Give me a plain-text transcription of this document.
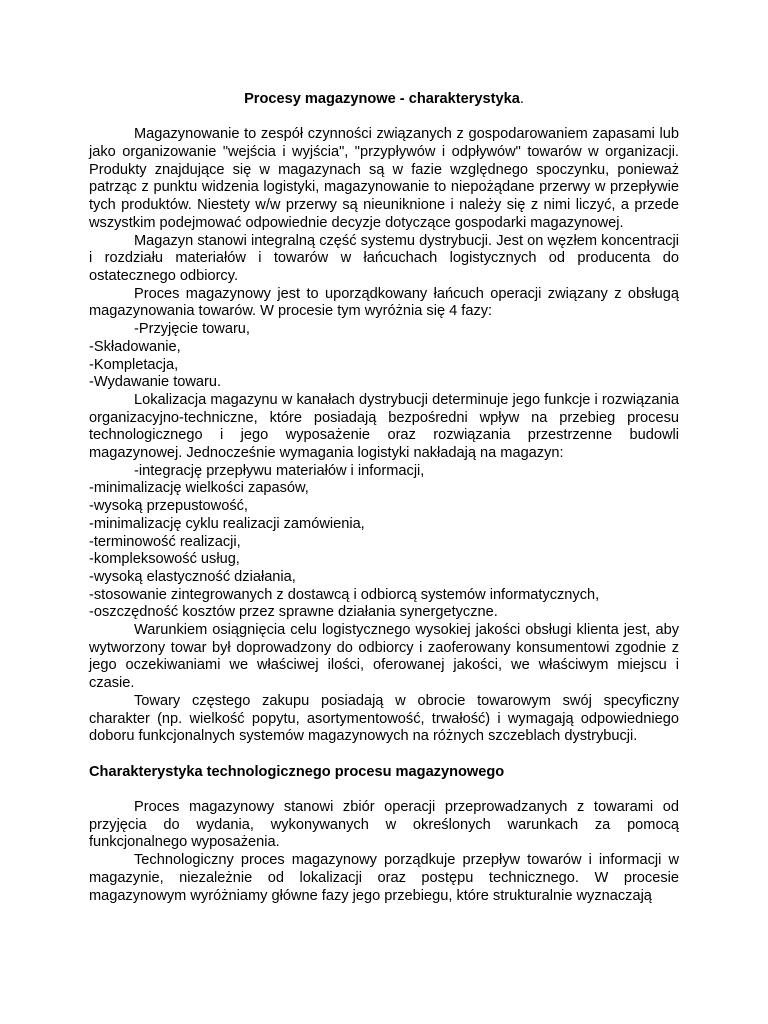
Procesy magazynowe - charakterystyka.

Magazynowanie to zespół czynności związanych z gospodarowaniem zapasami lub jako organizowanie "wejścia i wyjścia", "przypływów i odpływów" towarów w organizacji. Produkty znajdujące się w magazynach są w fazie względnego spoczynku, ponieważ patrząc z punktu widzenia logistyki, magazynowanie to niepożądane przerwy w przepływie tych produktów. Niestety w/w przerwy są nieuniknione i należy się z nimi liczyć, a przede wszystkim podejmować odpowiednie decyzje dotyczące gospodarki magazynowej.

Magazyn stanowi integralną część systemu dystrybucji. Jest on węzłem koncentracji i rozdziału materiałów i towarów w łańcuchach logistycznych od producenta do ostatecznego odbiorcy.

Proces magazynowy jest to uporządkowany łańcuch operacji związany z obsługą magazynowania towarów. W procesie tym wyróżnia się 4 fazy:

-Przyjęcie towaru,
-Składowanie,
-Kompletacja,
-Wydawanie towaru.

Lokalizacja magazynu w kanałach dystrybucji determinuje jego funkcje i rozwiązania organizacyjno-techniczne, które posiadają bezpośredni wpływ na przebieg procesu technologicznego i jego wyposażenie oraz rozwiązania przestrzenne budowli magazynowej. Jednocześnie wymagania logistyki nakładają na magazyn:

-integrację przepływu materiałów i informacji,
-minimalizację wielkości zapasów,
-wysoką przepustowość,
-minimalizację cyklu realizacji zamówienia,
-terminowość realizacji,
-kompleksowość usług,
-wysoką elastyczność działania,
-stosowanie zintegrowanych z dostawcą i odbiorcą systemów informatycznych,
-oszczędność kosztów przez sprawne działania synergetyczne.

Warunkiem osiągnięcia celu logistycznego wysokiej jakości obsługi klienta jest, aby wytworzony towar był doprowadzony do odbiorcy i zaoferowany konsumentowi zgodnie z jego oczekiwaniami we właściwej ilości, oferowanej jakości, we właściwym miejscu i czasie.

Towary częstego zakupu posiadają w obrocie towarowym swój specyficzny charakter (np. wielkość popytu, asortymentowość, trwałość) i wymagają odpowiedniego doboru funkcjonalnych systemów magazynowych na różnych szczeblach dystrybucji.

Charakterystyka technologicznego procesu magazynowego

Proces magazynowy stanowi zbiór operacji przeprowadzanych z towarami od przyjęcia do wydania, wykonywanych w określonych warunkach za pomocą funkcjonalnego wyposażenia.

Technologiczny proces magazynowy porządkuje przepływ towarów i informacji w magazynie, niezależnie od lokalizacji oraz postępu technicznego. W procesie magazynowym wyróżniamy główne fazy jego przebiegu, które strukturalnie wyznaczają
